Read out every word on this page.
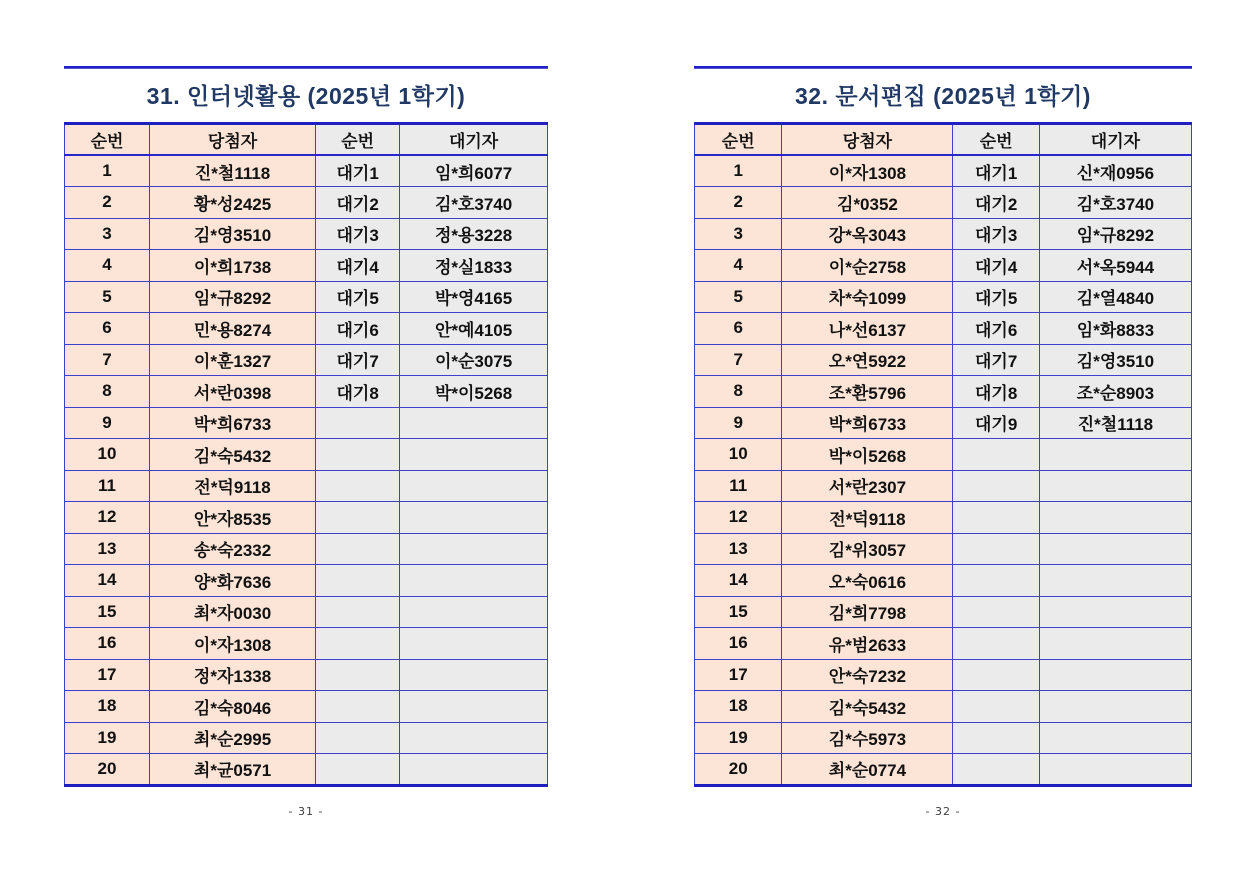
31. 인터넷활용 (2025년 1학기)
순번	당첨자	순번	대기자
1	진*철1118	대기1	임*희6077
2	황*성2425	대기2	김*호3740
3	김*영3510	대기3	정*용3228
4	이*희1738	대기4	정*실1833
5	임*규8292	대기5	박*영4165
6	민*용8274	대기6	안*예4105
7	이*훈1327	대기7	이*순3075
8	서*란0398	대기8	박*이5268
9	박*희6733		
10	김*숙5432		
11	전*덕9118		
12	안*자8535		
13	송*숙2332		
14	양*화7636		
15	최*자0030		
16	이*자1308		
17	정*자1338		
18	김*숙8046		
19	최*순2995		
20	최*균0571		
- 31 -
32. 문서편집 (2025년 1학기)
순번	당첨자	순번	대기자
1	이*자1308	대기1	신*재0956
2	김*0352	대기2	김*호3740
3	강*옥3043	대기3	임*규8292
4	이*순2758	대기4	서*옥5944
5	차*숙1099	대기5	김*열4840
6	나*선6137	대기6	임*화8833
7	오*연5922	대기7	김*영3510
8	조*환5796	대기8	조*순8903
9	박*희6733	대기9	진*철1118
10	박*이5268		
11	서*란2307		
12	전*덕9118		
13	김*위3057		
14	오*숙0616		
15	김*희7798		
16	유*범2633		
17	안*숙7232		
18	김*숙5432		
19	김*수5973		
20	최*순0774		
- 32 -
